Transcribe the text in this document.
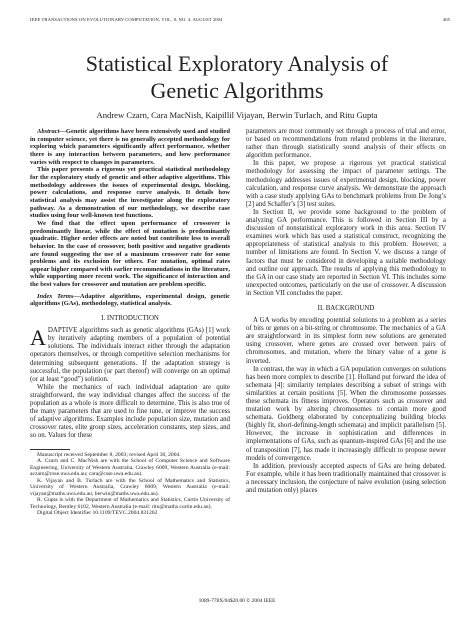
IEEE TRANSACTIONS ON EVOLUTIONARY COMPUTATION, VOL. 8, NO. 4, AUGUST 2004	405
Statistical Exploratory Analysis of
Genetic Algorithms
Andrew Czarn, Cara MacNish, Kaipillil Vijayan, Berwin Turlach, and Ritu Gupta

Abstract—Genetic algorithms have been extensively used and studied in computer science, yet there is no generally accepted methodology for exploring which parameters significantly affect performance, whether there is any interaction between parameters, and how performance varies with respect to changes in parameters.

This paper presents a rigorous yet practical statistical methodology for the exploratory study of genetic and other adaptive algorithms. This methodology addresses the issues of experimental design, blocking, power calculations, and response curve analysis. It details how statistical analysis may assist the investigator along the exploratory pathway. As a demonstration of our methodology, we describe case studies using four well-known test functions.

We find that the effect upon performance of crossover is predominantly linear, while the effect of mutation is predominantly quadratic. Higher order effects are noted but contribute less to overall behavior. In the case of crossover, both positive and negative gradients are found suggesting the use of a maximum crossover rate for some problems and its exclusion for others. For mutation, optimal rates appear higher compared with earlier recommendations in the literature, while supporting more recent work. The significance of interaction and the best values for crossover and mutation are problem specific.

Index Terms—Adaptive algorithms, experimental design, genetic algorithms (GAs), methodology, statistical analysis.

I. INTRODUCTION

ADAPTIVE algorithms such as genetic algorithms (GAs) [1] work by iteratively adapting members of a population of potential solutions. The individuals interact either through the adaptation operators themselves, or through competitive selection mechanisms for determining subsequent generations. If the adaptation strategy is successful, the population (or part thereof) will converge on an optimal (or at least “good”) solution.

While the mechanics of each individual adaptation are quite straightforward, the way individual changes affect the success of the population as a whole is more difficult to determine. This is also true of the many parameters that are used to fine tune, or improve the success of adaptive algorithms. Examples include population size, mutation and crossover rates, elite group sizes, acceleration constants, step sizes, and so on. Values for these

Manuscript received September 8, 2003; revised April 30, 2004.

A. Czarn and C. MacNish are with the School of Computer Science and Software Engineering, University of Western Australia, Crawley 6009, Western Australia (e-mail: aczarn@csse.uwa.edu.au; cara@csse.uwa.edu.au).

K. Vijayan and B. Turlach are with the School of Mathematics and Statistics, University of Western Australia, Crawley 6009, Western Australia (e-mail: vijayan@maths.uwa.edu.au; berwin@maths.uwa.edu.au).

R. Gupta is with the Department of Mathematics and Statistics, Curtin University of Technology, Bentley 6102, Western Australia (e-mail: ritu@maths.curtin.edu.au).

Digital Object Identifier 10.1109/TEVC.2004.831262

parameters are most commonly set through a process of trial and error, or based on recommendations from related problems in the literature, rather than through statistically sound analysis of their effects on algorithm performance.

In this paper, we propose a rigorous yet practical statistical methodology for assessing the impact of parameter settings. The methodology addresses issues of experimental design, blocking, power calculation, and response curve analysis. We demonstrate the approach with a case study applying GAs to benchmark problems from De Jong’s [2] and Schaffer’s [3] test suites.

In Section II, we provide some background to the problem of analyzing GA performance. This is followed in Section III by a discussion of nonstatistical exploratory work in this area. Section IV examines work which has used a statistical construct, recognizing the appropriateness of statistical analysis to this problem. However, a number of limitations are found. In Section V, we discuss a range of factors that must be considered in developing a suitable methodology and outline our approach. The results of applying this methodology to the GA in our case study are reported in Section VI. This includes some unexpected outcomes, particularly on the use of crossover. A discussion in Section VII concludes the paper.

II. BACKGROUND

A GA works by encoding potential solutions to a problem as a series of bits or genes on a bit-string or chromosome. The mechanics of a GA are straightforward: in its simplest form new solutions are generated using crossover, where genes are crossed over between pairs of chromosomes, and mutation, where the binary value of a gene is inverted.

In contrast, the way in which a GA population converges on solutions has been more complex to describe [1]. Holland put forward the idea of schemata [4]: similarity templates describing a subset of strings with similarities at certain positions [5]. When the chromosome possesses these schemata its fitness improves. Operators such as crossover and mutation work by altering chromosomes to contain more good schemata. Goldberg elaborated by conceptualizing building blocks (highly fit, short-defining-length schemata) and implicit parallelism [5]. However, the increase in sophistication and differences in implementations of GAs, such as quantum-inspired GAs [6] and the use of transposition [7], has made it increasingly difficult to propose newer models of convergence.

In addition, previously accepted aspects of GAs are being debated. For example, while it has been traditionally maintained that crossover is a necessary inclusion, the conjecture of naive evolution (using selection and mutation only) places

1089-778X/04$20.00 © 2004 IEEE
